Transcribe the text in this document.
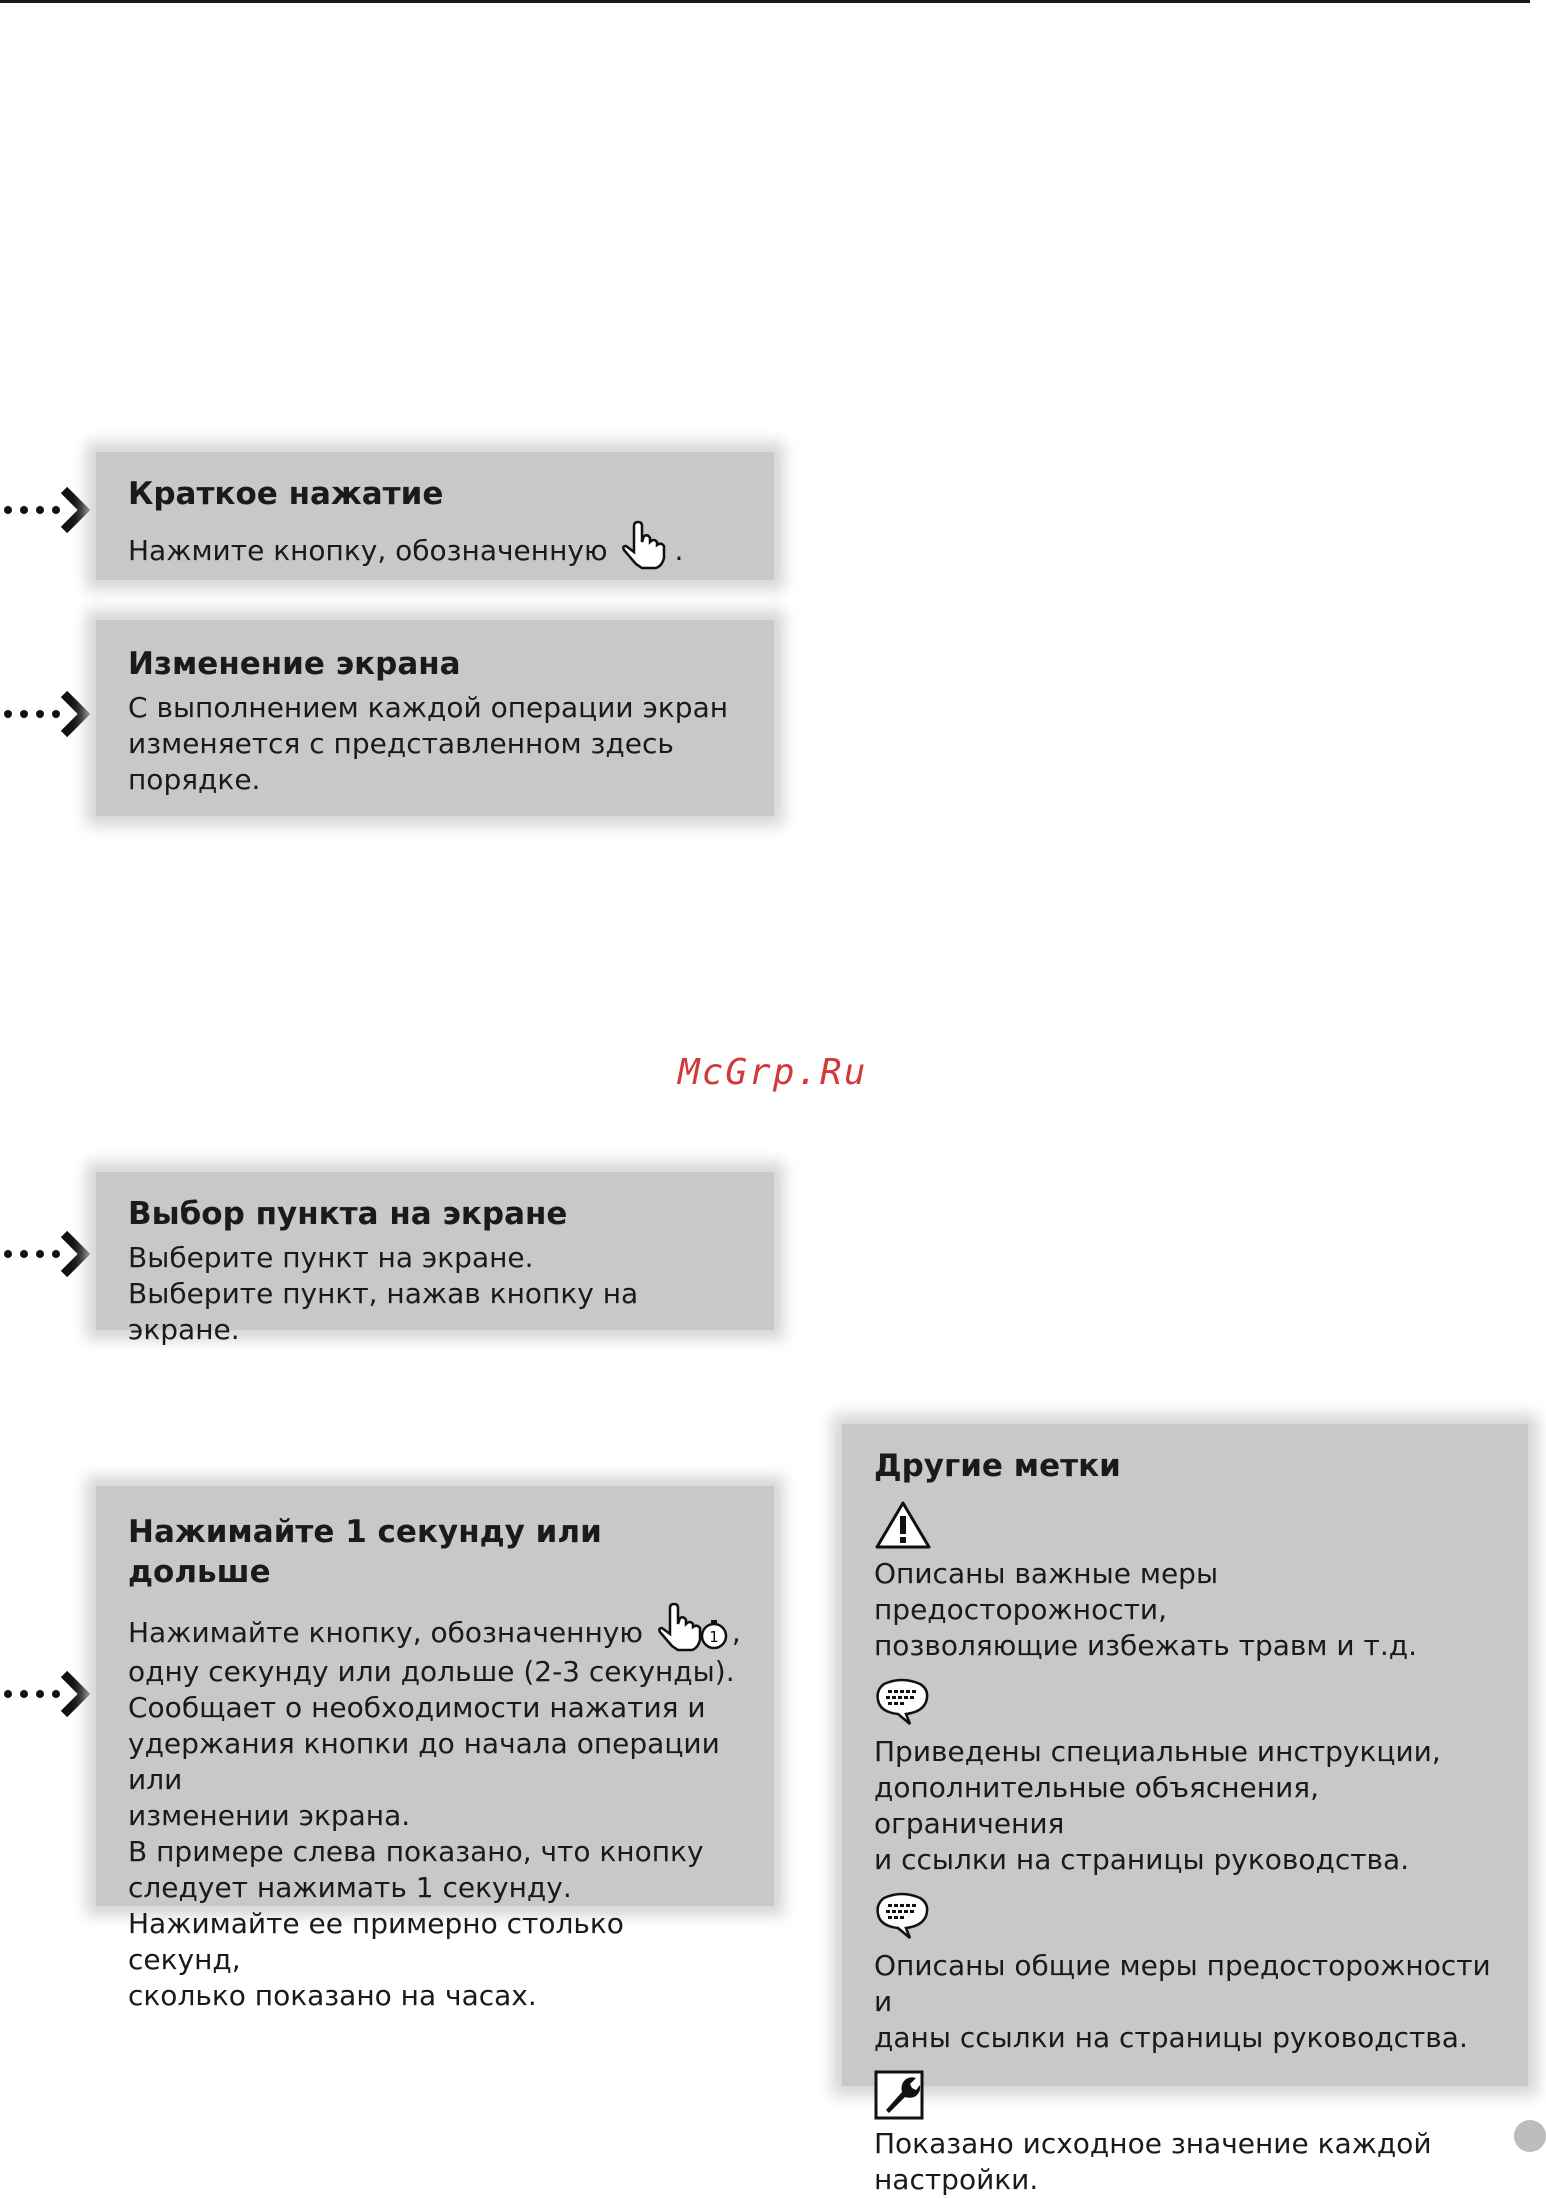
Краткое нажатие

Нажмите кнопку, обозначенную .

Изменение экрана

С выполнением каждой операции экран

изменяется с представленном здесь

порядке.

McGrp.Ru
Выбор пункта на экране

Выберите пункт на экране.

Выберите пункт, нажав кнопку на экране.

Нажимайте 1 секунду или дольше

Нажимайте кнопку, обозначенную	1 ,

одну секунду или дольше (2-3 секунды).

Сообщает о необходимости нажатия и

удержания кнопки до начала операции или

изменении экрана.

В примере слева показано, что кнопку

следует нажимать 1 секунду.

Нажимайте ее примерно столько секунд,

сколько показано на часах.

Другие метки

Описаны важные меры предосторожности,

позволяющие избежать травм и т.д.

Приведены специальные инструкции,

дополнительные объяснения, ограничения

и ссылки на страницы руководства.

Описаны общие меры предосторожности и

даны ссылки на страницы руководства.

Показано исходное значение каждой

настройки.
